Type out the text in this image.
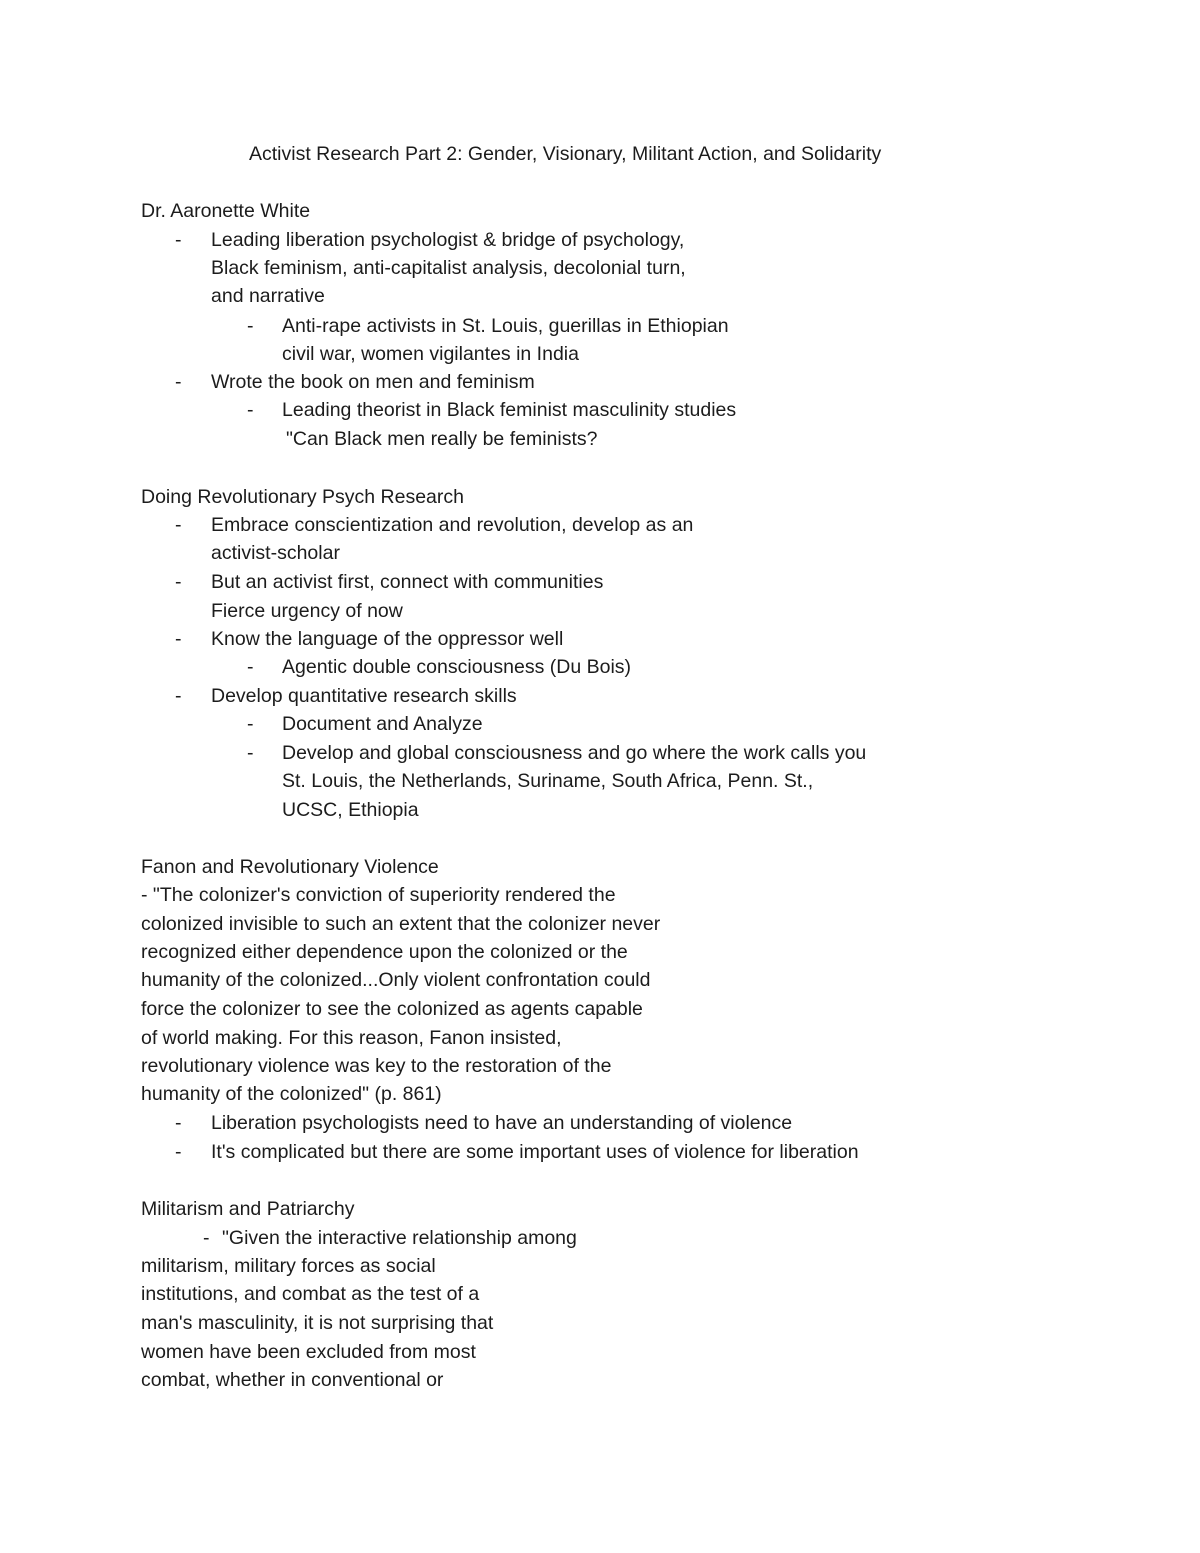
Activist Research Part 2: Gender, Visionary, Militant Action, and Solidarity
Dr. Aaronette White
- Leading liberation psychologist & bridge of psychology,
Black feminism, anti-capitalist analysis, decolonial turn,
and narrative
- Anti-rape activists in St. Louis, guerillas in Ethiopian
civil war, women vigilantes in India
- Wrote the book on men and feminism
- Leading theorist in Black feminist masculinity studies
"Can Black men really be feminists?
Doing Revolutionary Psych Research
- Embrace conscientization and revolution, develop as an
activist-scholar
- But an activist first, connect with communities
Fierce urgency of now
- Know the language of the oppressor well
- Agentic double consciousness (Du Bois)
- Develop quantitative research skills
- Document and Analyze
- Develop and global consciousness and go where the work calls you
St. Louis, the Netherlands, Suriname, South Africa, Penn. St.,
UCSC, Ethiopia
Fanon and Revolutionary Violence
- "The colonizer's conviction of superiority rendered the
colonized invisible to such an extent that the colonizer never
recognized either dependence upon the colonized or the
humanity of the colonized...Only violent confrontation could
force the colonizer to see the colonized as agents capable
of world making. For this reason, Fanon insisted,
revolutionary violence was key to the restoration of the
humanity of the colonized" (p. 861)
- Liberation psychologists need to have an understanding of violence
- It's complicated but there are some important uses of violence for liberation
Militarism and Patriarchy
- "Given the interactive relationship among
militarism, military forces as social
institutions, and combat as the test of a
man's masculinity, it is not surprising that
women have been excluded from most
combat, whether in conventional or
